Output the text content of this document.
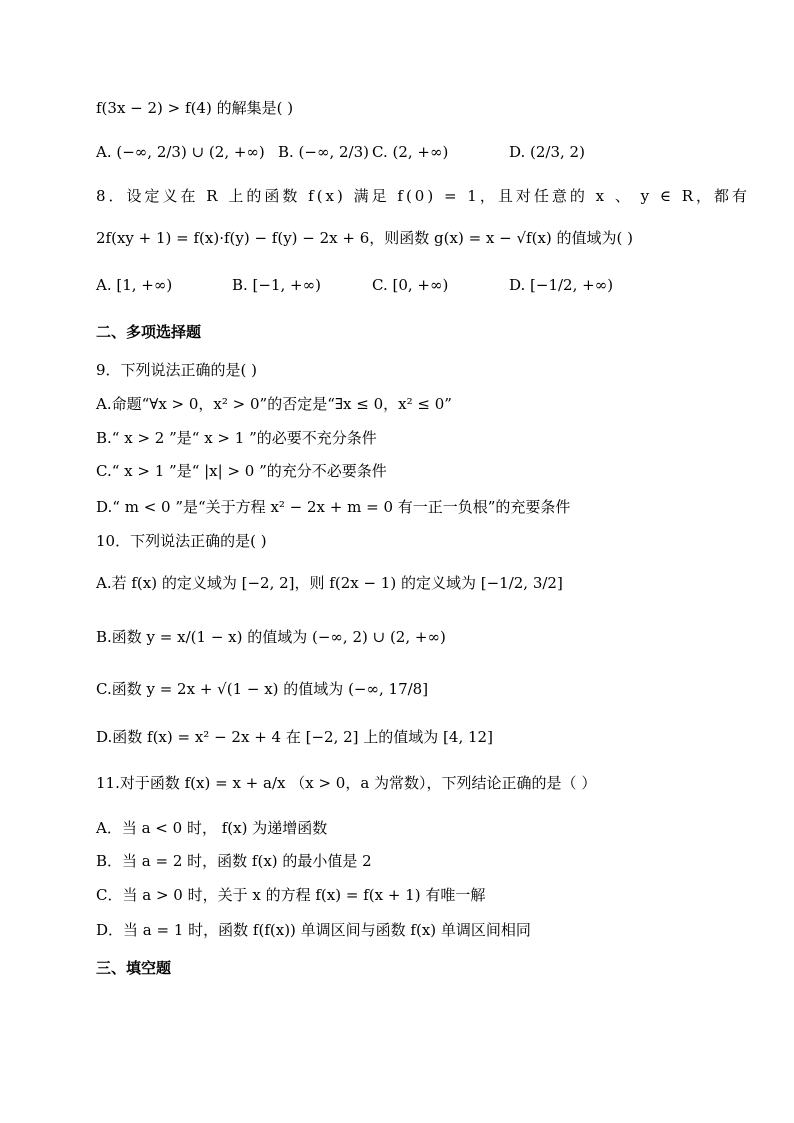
f(3x − 2) > f(4) 的解集是( )
A. (−∞, 2/3) ∪ (2, +∞) B. (−∞, 2/3) C. (2, +∞)	D. (2/3, 2)
8．设定义在 R 上的函数 f(x) 满足 f(0) = 1，且对任意的 x 、 y ∈ R，都有
2f(xy + 1) = f(x)·f(y) − f(y) − 2x + 6，则函数 g(x) = x − √f(x) 的值域为( )
A. [1, +∞)	B. [−1, +∞)	C. [0, +∞)	D. [−1/2, +∞)
二、多项选择题
9．下列说法正确的是( )
A.命题“∀x > 0，x² > 0”的否定是“∃x ≤ 0，x² ≤ 0”
B.“ x > 2 ”是“ x > 1 ”的必要不充分条件
C.“ x > 1 ”是“ |x| > 0 ”的充分不必要条件
D.“ m < 0 ”是“关于方程 x² − 2x + m = 0 有一正一负根”的充要条件
10．下列说法正确的是( )
A.若 f(x) 的定义域为 [−2, 2]，则 f(2x − 1) 的定义域为 [−1/2, 3/2]
B.函数 y = x/(1 − x) 的值域为 (−∞, 2) ∪ (2, +∞)
C.函数 y = 2x + √(1 − x) 的值域为 (−∞, 17/8]
D.函数 f(x) = x² − 2x + 4 在 [−2, 2] 上的值域为 [4, 12]
11.对于函数 f(x) = x + a/x （x > 0，a 为常数），下列结论正确的是（ ）
A．当 a < 0 时， f(x) 为递增函数
B．当 a = 2 时，函数 f(x) 的最小值是 2
C．当 a > 0 时，关于 x 的方程 f(x) = f(x + 1) 有唯一解
D．当 a = 1 时，函数 f(f(x)) 单调区间与函数 f(x) 单调区间相同
三、填空题
